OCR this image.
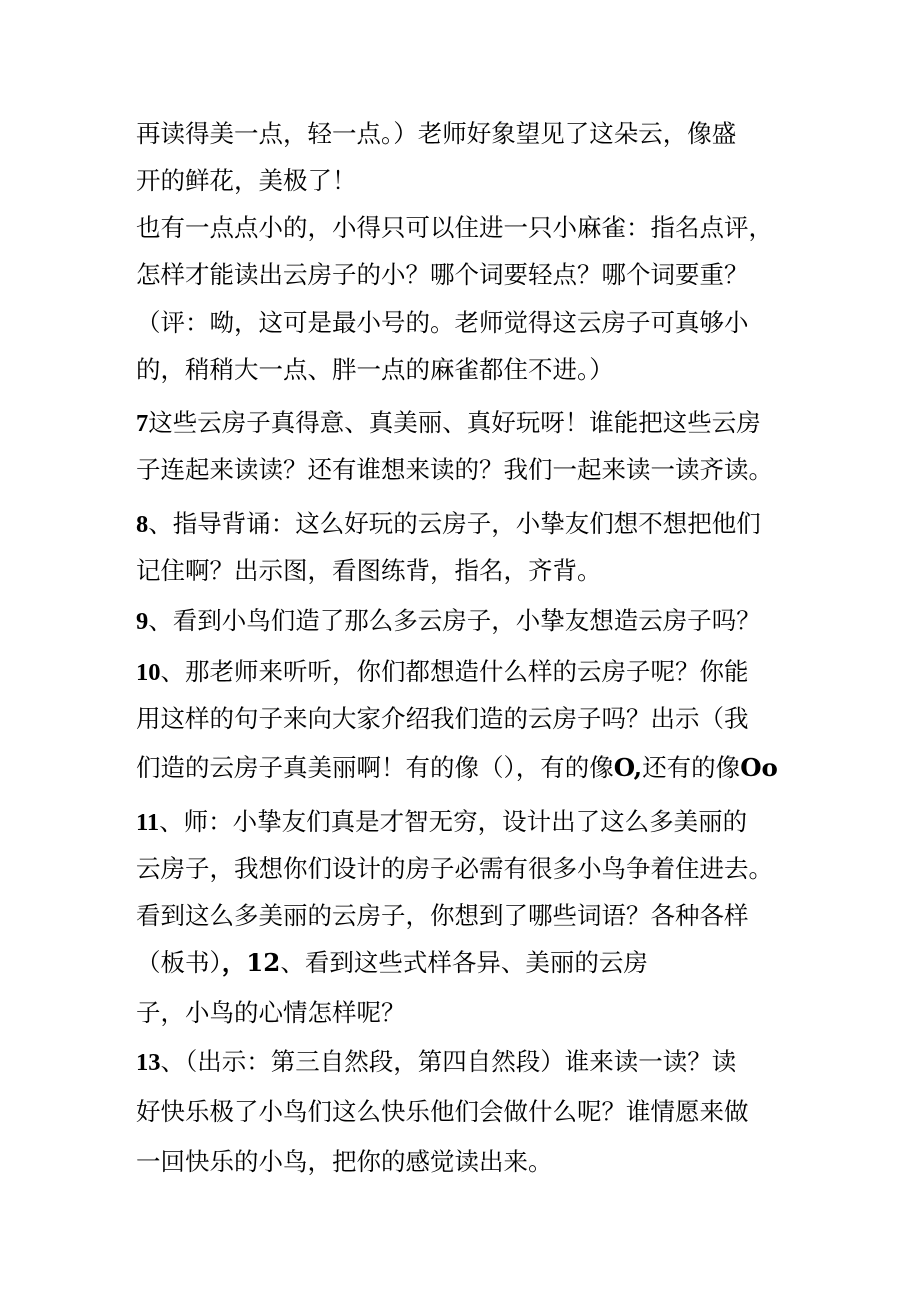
再读得美一点，轻一点。）老师好象望见了这朵云，像盛
开的鲜花，美极了！
也有一点点小的，小得只可以住进一只小麻雀：指名点评，
怎样才能读出云房子的小？哪个词要轻点？哪个词要重？
（评：呦，这可是最小号的。老师觉得这云房子可真够小
的，稍稍大一点、胖一点的麻雀都住不进。）
7这些云房子真得意、真美丽、真好玩呀！谁能把这些云房
子连起来读读？还有谁想来读的？我们一起来读一读齐读。
8、指导背诵：这么好玩的云房子，小挚友们想不想把他们
记住啊？出示图，看图练背，指名，齐背。
9、看到小鸟们造了那么多云房子，小挚友想造云房子吗？
10、那老师来听听，你们都想造什么样的云房子呢？你能
用这样的句子来向大家介绍我们造的云房子吗？出示（我
们造的云房子真美丽啊！有的像（），有的像O,还有的像Oo
11、师：小挚友们真是才智无穷，设计出了这么多美丽的
云房子，我想你们设计的房子必需有很多小鸟争着住进去。
看到这么多美丽的云房子，你想到了哪些词语？各种各样
（板书），12、看到这些式样各异、美丽的云房
子，小鸟的心情怎样呢？
13、（出示：第三自然段，第四自然段）谁来读一读？读
好快乐极了小鸟们这么快乐他们会做什么呢？谁情愿来做
一回快乐的小鸟，把你的感觉读出来。
